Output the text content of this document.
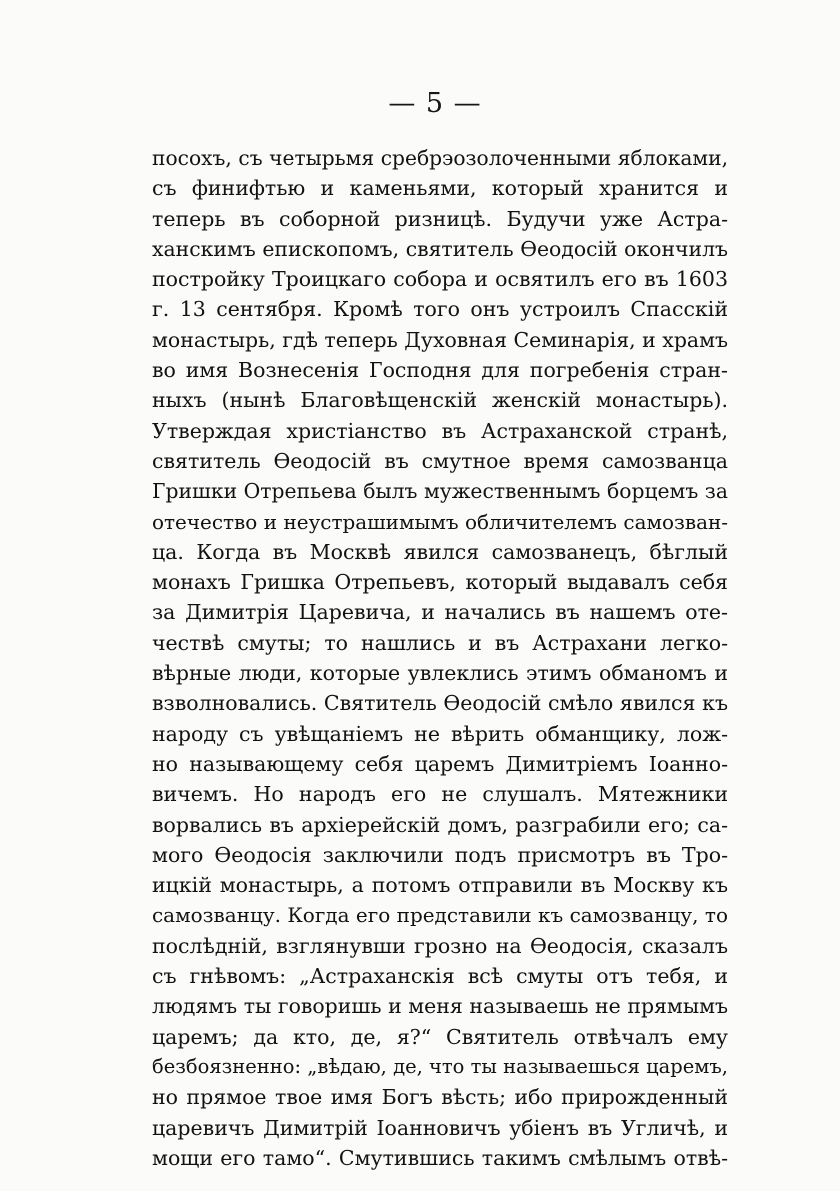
— 5 —
посохъ, съ четырьмя сребрэозолоченными яблоками,
съ финифтью и каменьями, который хранится и
теперь въ соборной ризницѣ. Будучи уже Астра-
ханскимъ епископомъ, святитель Өеодосій окончилъ
постройку Троицкаго собора и освятилъ его въ 1603
г. 13 сентября. Кромѣ того онъ устроилъ Спасскій
монастырь, гдѣ теперь Духовная Семинарія, и храмъ
во имя Вознесенія Господня для погребенія стран-
ныхъ (нынѣ Благовѣщенскій женскій монастырь).
Утверждая христіанство въ Астраханской странѣ,
святитель Өеодосій въ смутное время самозванца
Гришки Отрепьева былъ мужественнымъ борцемъ за
отечество и неустрашимымъ обличителемъ самозван-
ца. Когда въ Москвѣ явился самозванецъ, бѣглый
монахъ Гришка Отрепьевъ, который выдавалъ себя
за Димитрія Царевича, и начались въ нашемъ оте-
чествѣ смуты; то нашлись и въ Астрахани легко-
вѣрные люди, которые увлеклись этимъ обманомъ и
взволновались. Святитель Өеодосій смѣло явился къ
народу съ увѣщаніемъ не вѣрить обманщику, лож-
но называющему себя царемъ Димитріемъ Іоанно-
вичемъ. Но народъ его не слушалъ. Мятежники
ворвались въ архіерейскій домъ, разграбили его; са-
мого Өеодосія заключили подъ присмотръ въ Тро-
ицкій монастырь, а потомъ отправили въ Москву къ
самозванцу. Когда его представили къ самозванцу, то
послѣдній, взглянувши грозно на Өеодосія, сказалъ
съ гнѣвомъ: „Астраханскія всѣ смуты отъ тебя, и
людямъ ты говоришь и меня называешь не прямымъ
царемъ; да кто, де, я?“ Святитель отвѣчалъ ему
безбоязненно: „вѣдаю, де, что ты называешься царемъ,
но прямое твое имя Богъ вѣсть; ибо прирожденный
царевичъ Димитрій Іоанновичъ убіенъ въ Угличѣ, и
мощи его тамо“. Смутившись такимъ смѣлымъ отвѣ-
